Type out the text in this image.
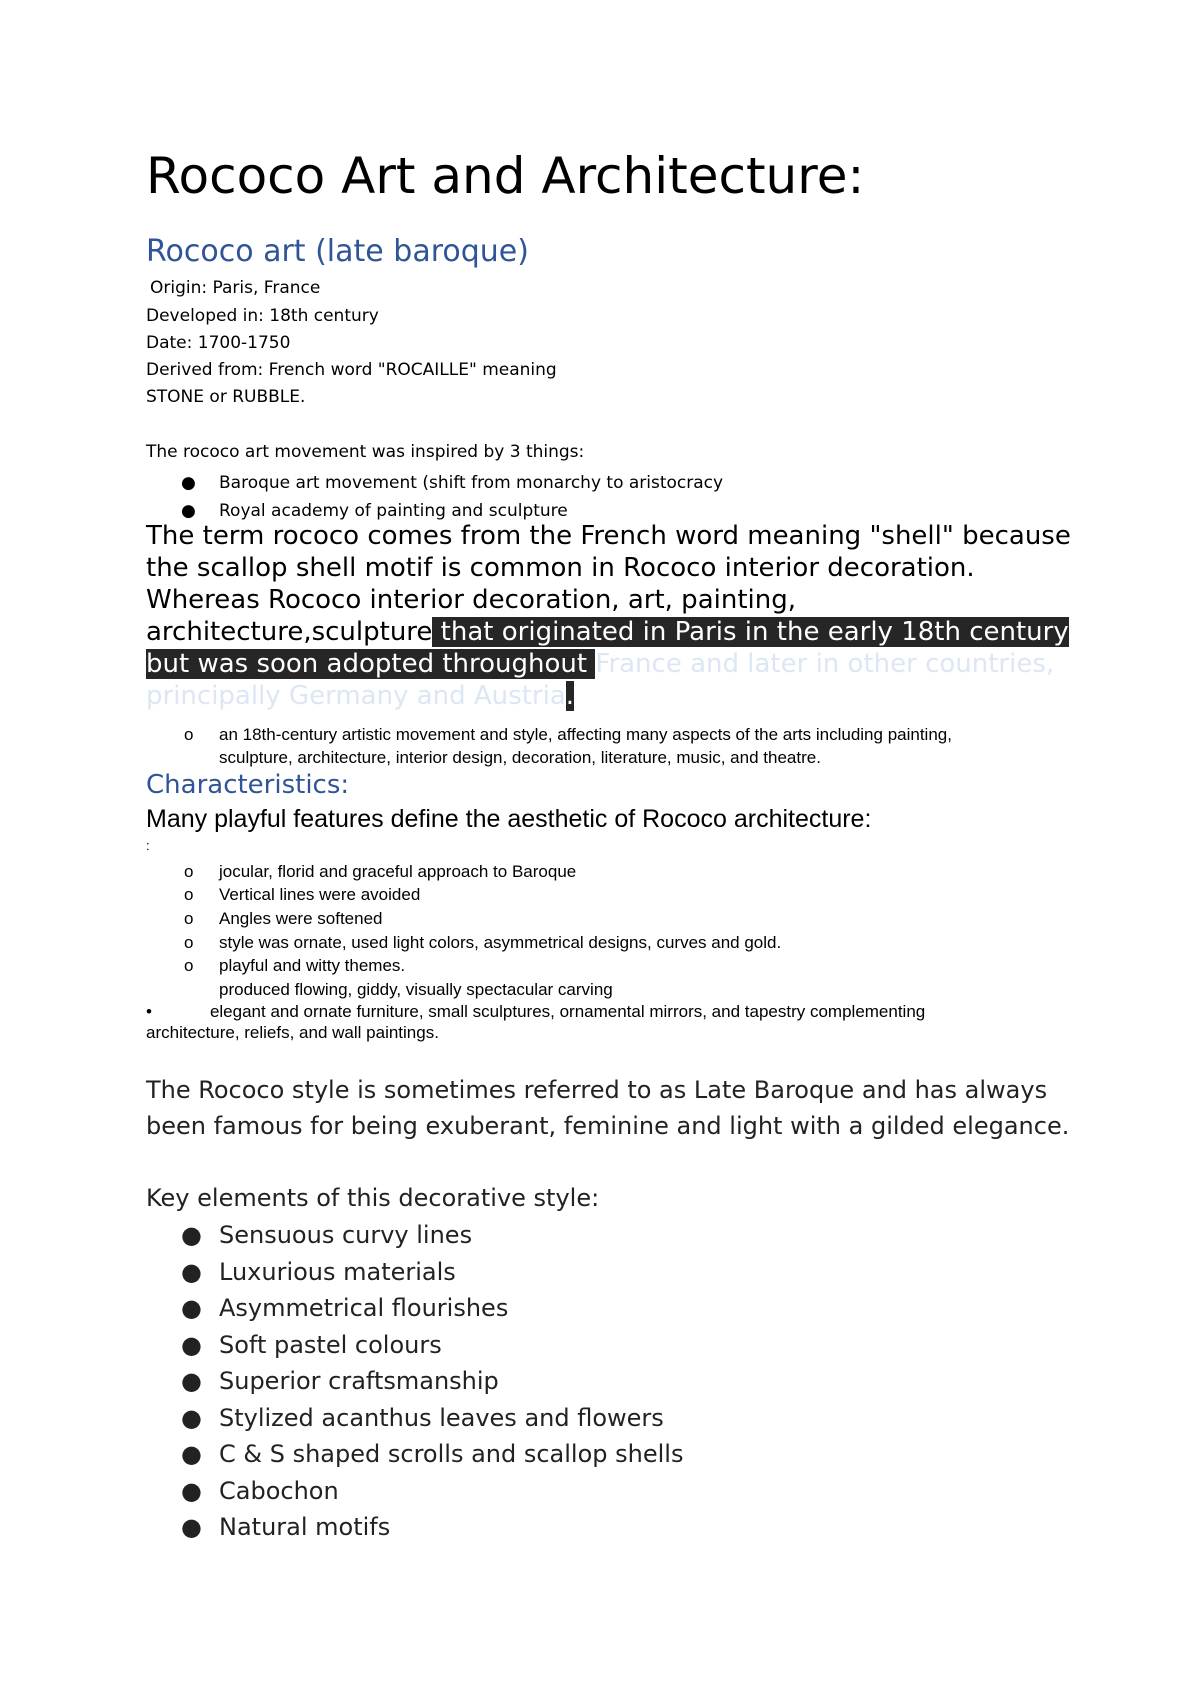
Rococo Art and Architecture:
Rococo art (late baroque)
Origin: Paris, France
Developed in: 18th century
Date: 1700-1750
Derived from: French word "ROCAILLE" meaning
STONE or RUBBLE.
The rococo art movement was inspired by 3 things:
● Baroque art movement (shift from monarchy to aristocracy
● Royal academy of painting and sculpture
The term rococo comes from the French word meaning "shell" because the scallop shell motif is common in Rococo interior decoration. Whereas Rococo interior decoration, art, painting, architecture,sculpture that originated in Paris in the early 18th century but was soon adopted throughout France and later in other countries, principally Germany and Austria.
o an 18th-century artistic movement and style, affecting many aspects of the arts including painting,
sculpture, architecture, interior design, decoration, literature, music, and theatre.
Characteristics:
Many playful features define the aesthetic of Rococo architecture:
:
o jocular, florid and graceful approach to Baroque
o Vertical lines were avoided
o Angles were softened
o style was ornate, used light colors, asymmetrical designs, curves and gold.
o playful and witty themes.
produced flowing, giddy, visually spectacular carving
•	elegant and ornate furniture, small sculptures, ornamental mirrors, and tapestry complementing
architecture, reliefs, and wall paintings.
The Rococo style is sometimes referred to as Late Baroque and has always been famous for being exuberant, feminine and light with a gilded elegance.
Key elements of this decorative style:
● Sensuous curvy lines
● Luxurious materials
● Asymmetrical flourishes
● Soft pastel colours
● Superior craftsmanship
● Stylized acanthus leaves and flowers
● C & S shaped scrolls and scallop shells
● Cabochon
● Natural motifs
